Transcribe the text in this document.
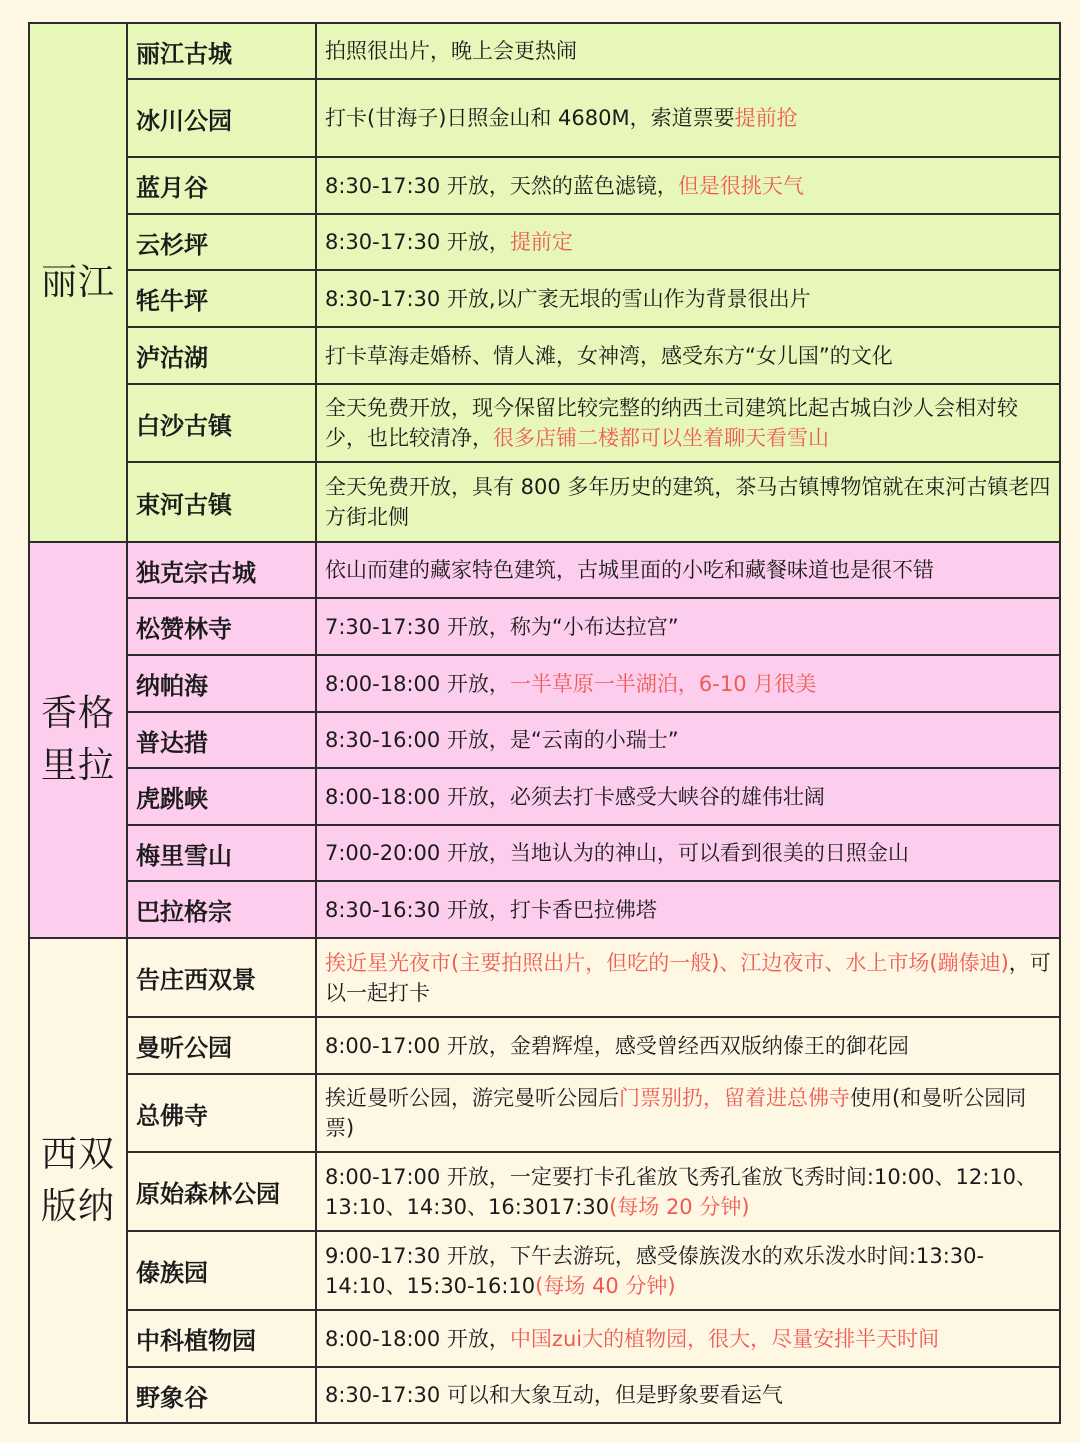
丽江	丽江古城	拍照很出片，晚上会更热闹
	冰川公园	打卡(甘海子)日照金山和 4680M，索道票要提前抢
	蓝月谷	8:30-17:30 开放，天然的蓝色滤镜，但是很挑天气
	云杉坪	8:30-17:30 开放，提前定
	牦牛坪	8:30-17:30 开放,以广袤无垠的雪山作为背景很出片
	泸沽湖	打卡草海走婚桥、情人滩，女神湾，感受东方“女儿国”的文化
	白沙古镇	全天免费开放，现今保留比较完整的纳西土司建筑比起古城白沙人会相对较少，也比较清净，很多店铺二楼都可以坐着聊天看雪山
	束河古镇	全天免费开放，具有 800 多年历史的建筑，茶马古镇博物馆就在束河古镇老四方街北侧
香格里拉	独克宗古城	依山而建的藏家特色建筑，古城里面的小吃和藏餐味道也是很不错
	松赞林寺	7:30-17:30 开放，称为“小布达拉宫”
	纳帕海	8:00-18:00 开放，一半草原一半湖泊，6-10 月很美
	普达措	8:30-16:00 开放，是“云南的小瑞士”
	虎跳峡	8:00-18:00 开放，必须去打卡感受大峡谷的雄伟壮阔
	梅里雪山	7:00-20:00 开放，当地认为的神山，可以看到很美的日照金山
	巴拉格宗	8:30-16:30 开放，打卡香巴拉佛塔
西双版纳	告庄西双景	挨近星光夜市(主要拍照出片，但吃的一般)、江边夜市、水上市场(蹦傣迪)，可以一起打卡
	曼听公园	8:00-17:00 开放，金碧辉煌，感受曾经西双版纳傣王的御花园
	总佛寺	挨近曼听公园，游完曼听公园后门票别扔，留着进总佛寺使用(和曼听公园同票)
	原始森林公园	8:00-17:00 开放，一定要打卡孔雀放飞秀孔雀放飞秀时间:10:00、12:10、13:10、14:30、16:3017:30(每场 20 分钟)
	傣族园	9:00-17:30 开放，下午去游玩，感受傣族泼水的欢乐泼水时间:13:30-14:10、15:30-16:10(每场 40 分钟)
	中科植物园	8:00-18:00 开放，中国zui大的植物园，很大，尽量安排半天时间
	野象谷	8:30-17:30 可以和大象互动，但是野象要看运气
